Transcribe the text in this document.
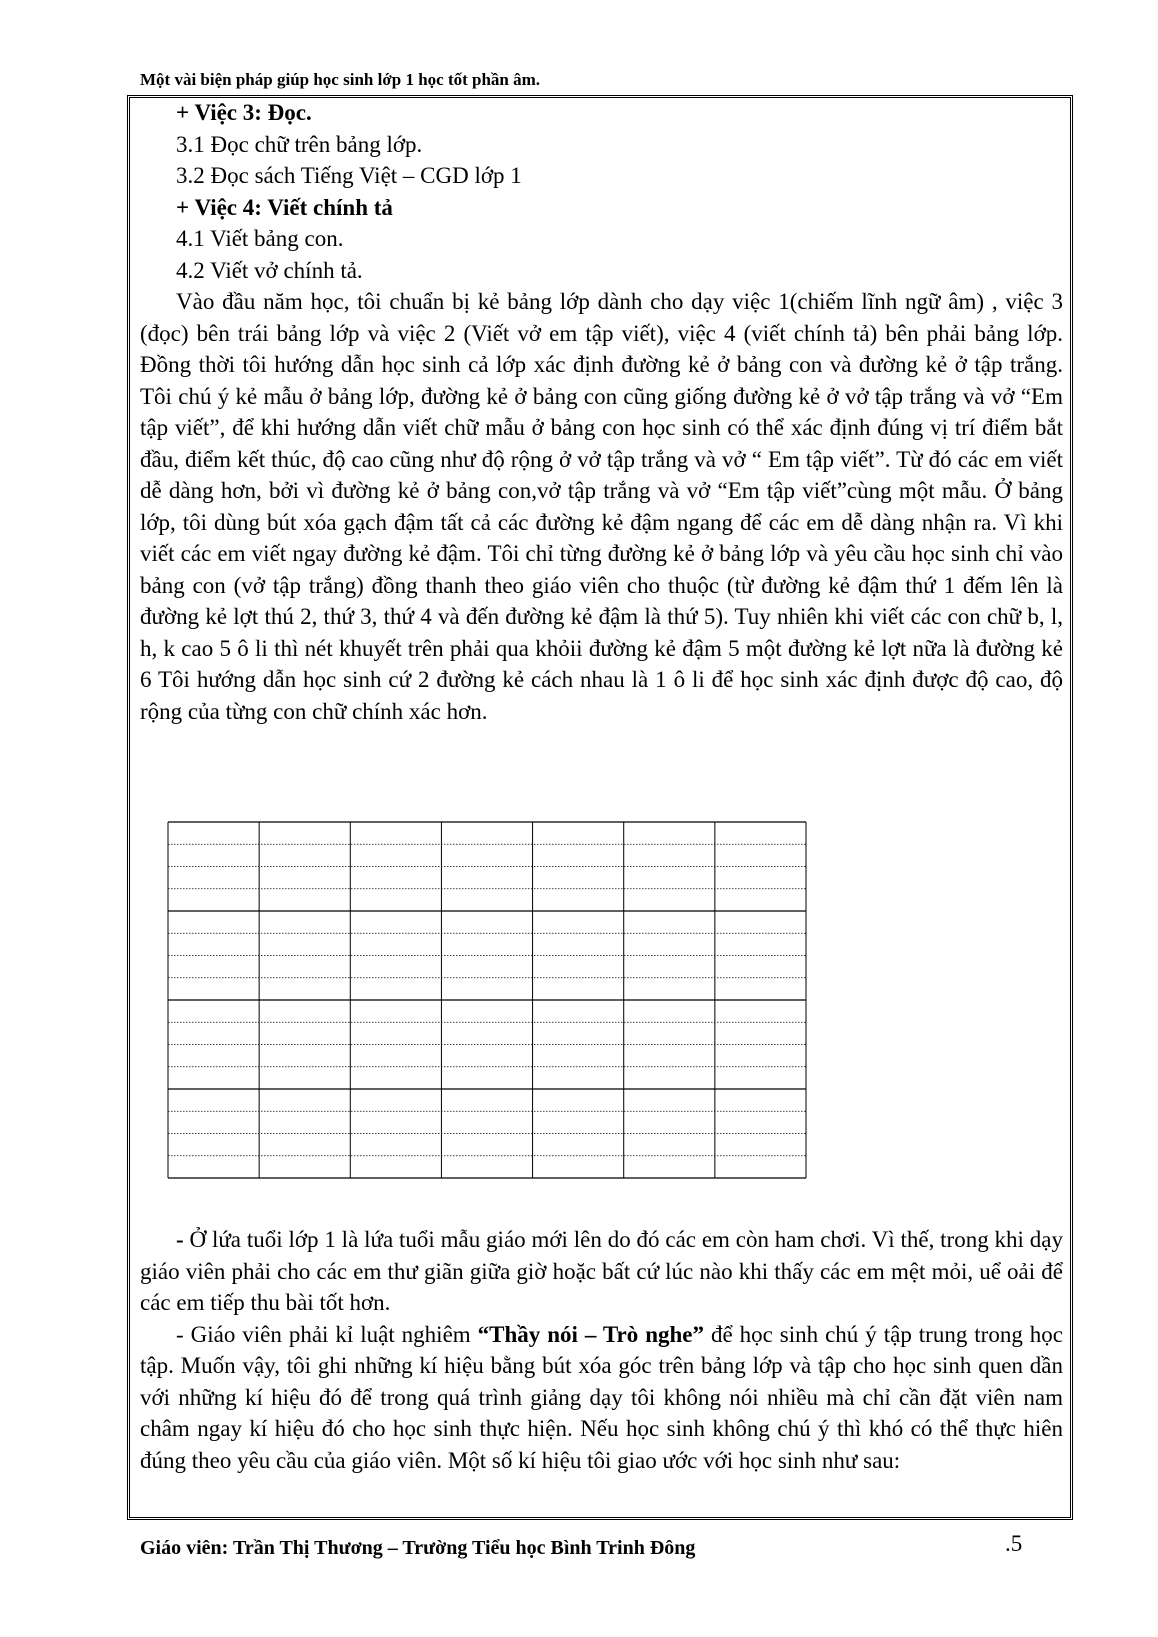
Một vài biện pháp giúp học sinh lớp 1 học tốt phần âm.
+ Việc 3: Đọc.
3.1 Đọc chữ trên bảng lớp.
3.2 Đọc sách Tiếng Việt – CGD lớp 1
+ Việc 4: Viết chính tả
4.1 Viết bảng con.
4.2 Viết vở chính tả.

Vào đầu năm học, tôi chuẩn bị kẻ bảng lớp dành cho dạy việc 1(chiếm lĩnh ngữ âm) , việc 3 (đọc) bên trái bảng lớp và việc 2 (Viết vở em tập viết), việc 4 (viết chính tả) bên phải bảng lớp. Đồng thời tôi hướng dẫn học sinh cả lớp xác định đường kẻ ở bảng con và đường kẻ ở tập trắng. Tôi chú ý kẻ mẫu ở bảng lớp, đường kẻ ở bảng con cũng giống đường kẻ ở vở tập trắng và vở “Em tập viết”, để khi hướng dẫn viết chữ mẫu ở bảng con học sinh có thể xác định đúng vị trí điểm bắt đầu, điểm kết thúc, độ cao cũng như độ rộng ở vở tập trắng và vở “ Em tập viết”. Từ đó các em viết dễ dàng hơn, bởi vì đường kẻ ở bảng con,vở tập trắng và vở “Em tập viết”cùng một mẫu. Ở bảng lớp, tôi dùng bút xóa gạch đậm tất cả các đường kẻ đậm ngang để các em dễ dàng nhận ra. Vì khi viết các em viết ngay đường kẻ đậm. Tôi chỉ từng đường kẻ ở bảng lớp và yêu cầu học sinh chỉ vào bảng con (vở tập trắng) đồng thanh theo giáo viên cho thuộc (từ đường kẻ đậm thứ 1 đếm lên là đường kẻ lợt thú 2, thứ 3, thứ 4 và đến đường kẻ đậm là thứ 5). Tuy nhiên khi viết các con chữ b, l, h, k cao 5 ô li thì nét khuyết trên phải qua khỏii đường kẻ đậm 5 một đường kẻ lợt nữa là đường kẻ 6 Tôi hướng dẫn học sinh cứ 2 đường kẻ cách nhau là 1 ô li để học sinh xác định được độ cao, độ rộng của từng con chữ chính xác hơn.

- Ở lứa tuổi lớp 1 là lứa tuổi mẫu giáo mới lên do đó các em còn ham chơi. Vì thế, trong khi dạy giáo viên phải cho các em thư giãn giữa giờ hoặc bất cứ lúc nào khi thấy các em mệt mỏi, uể oải để các em tiếp thu bài tốt hơn.

- Giáo viên phải kỉ luật nghiêm “Thầy nói – Trò nghe” để học sinh chú ý tập trung trong học tập. Muốn vậy, tôi ghi những kí hiệu bằng bút xóa góc trên bảng lớp và tập cho học sinh quen dần với những kí hiệu đó để trong quá trình giảng dạy tôi không nói nhiều mà chỉ cần đặt viên nam châm ngay kí hiệu đó cho học sinh thực hiện. Nếu học sinh không chú ý thì khó có thể thực hiên đúng theo yêu cầu của giáo viên. Một số kí hiệu tôi giao ước với học sinh như sau:

Giáo viên: Trần Thị Thương – Trường Tiểu học Bình Trinh Đông	.5
